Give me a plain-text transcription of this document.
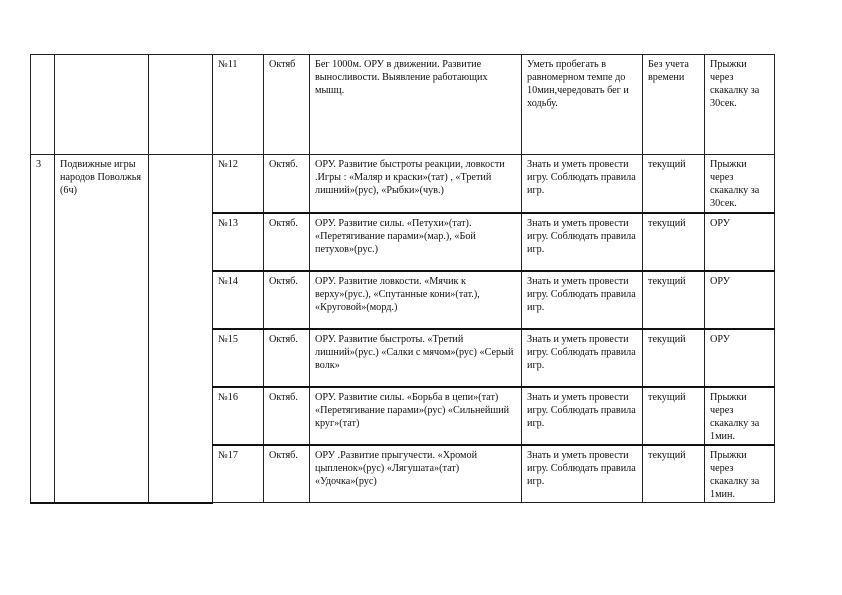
			№11	Октяб	Бег 1000м. ОРУ в движении. Развитие выносливости. Выявление работающих мышц.	Уметь пробегать в равномерном темпе до 10мин,чередовать бег и ходьбу.	Без учета времени	Прыжки через скакалку за 30сек.
3	Подвижные игры народов Поволжья (6ч)		№12	Октяб.	ОРУ. Развитие быстроты реакции, ловкости .Игры : «Маляр и краски»(тат) , «Третий лишний»(рус), «Рыбки»(чув.)	Знать и уметь провести игру. Соблюдать правила игр.	текущий	Прыжки через скакалку за 30сек.
			№13	Октяб.	ОРУ. Развитие силы. «Петухи»(тат). «Перетягивание парами»(мар.), «Бой петухов»(рус.)	Знать и уметь провести игру. Соблюдать правила игр.	текущий	ОРУ
			№14	Октяб.	ОРУ. Развитие ловкости. «Мячик к верху»(рус.), «Спутанные кони»(тат.), «Круговой»(морд.)	Знать и уметь провести игру. Соблюдать правила игр.	текущий	ОРУ
			№15	Октяб.	ОРУ. Развитие быстроты. «Третий лишний»(рус.) «Салки с мячом»(рус) «Серый волк»	Знать и уметь провести игру. Соблюдать правила игр.	текущий	ОРУ
			№16	Октяб.	ОРУ. Развитие силы. «Борьба в цепи»(тат) «Перетягивание парами»(рус) «Сильнейший круг»(тат)	Знать и уметь провести игру. Соблюдать правила игр.	текущий	Прыжки через скакалку за 1мин.
			№17	Октяб.	ОРУ .Развитие прыгучести. «Хромой цыпленок»(рус) «Лягушата»(тат) «Удочка»(рус)	Знать и уметь провести игру. Соблюдать правила игр.	текущий	Прыжки через скакалку за 1мин.
